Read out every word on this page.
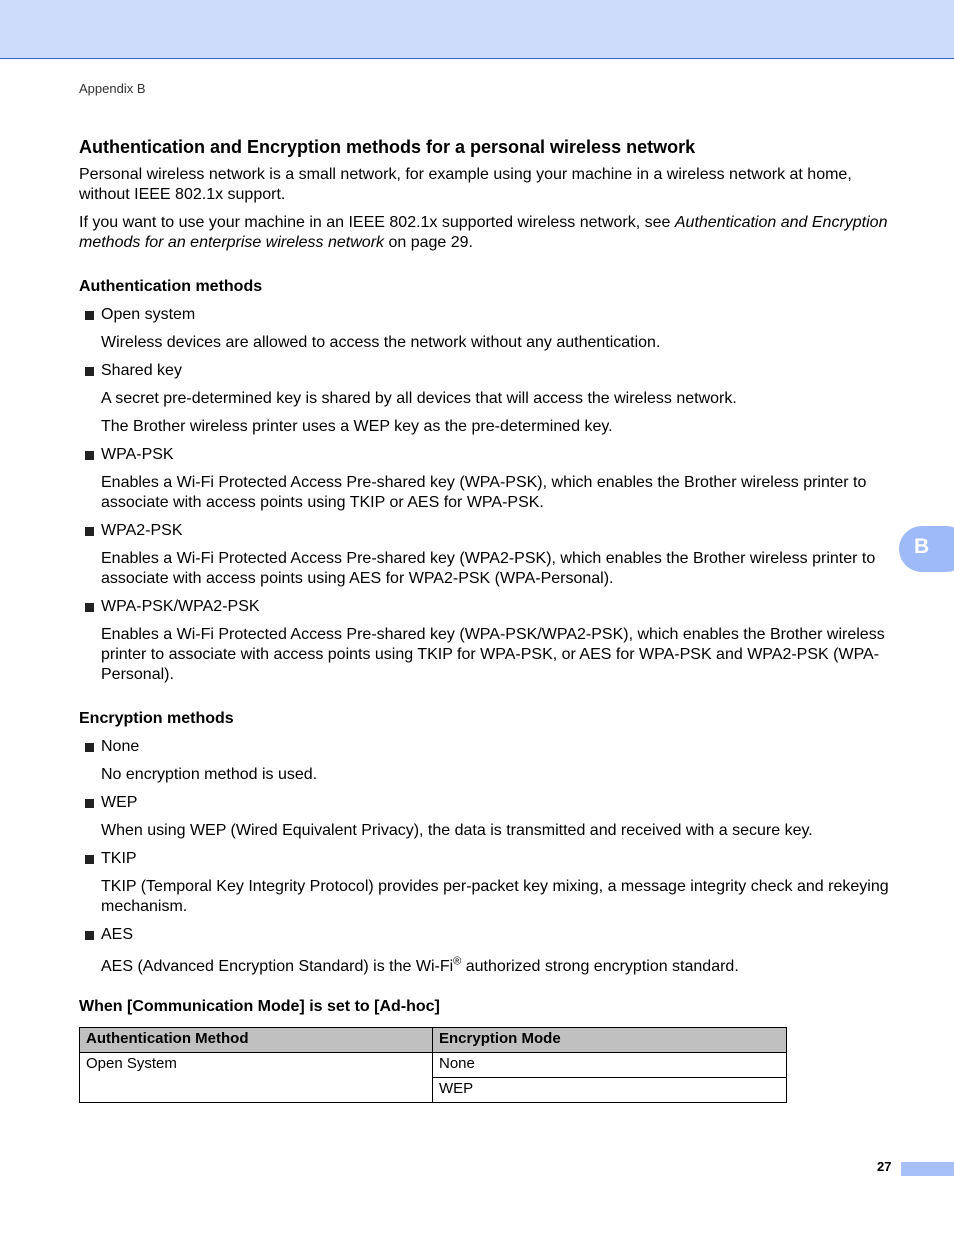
Appendix B
Authentication and Encryption methods for a personal wireless network

Personal wireless network is a small network, for example using your machine in a wireless network at home, without IEEE 802.1x support.

If you want to use your machine in an IEEE 802.1x supported wireless network, see Authentication and Encryption methods for an enterprise wireless network on page 29.

Authentication methods
Open system
Wireless devices are allowed to access the network without any authentication.
Shared key
A secret pre-determined key is shared by all devices that will access the wireless network.
The Brother wireless printer uses a WEP key as the pre-determined key.
WPA-PSK
Enables a Wi-Fi Protected Access Pre-shared key (WPA-PSK), which enables the Brother wireless printer to associate with access points using TKIP or AES for WPA-PSK.
WPA2-PSK
Enables a Wi-Fi Protected Access Pre-shared key (WPA2-PSK), which enables the Brother wireless printer to associate with access points using AES for WPA2-PSK (WPA-Personal).
WPA-PSK/WPA2-PSK
Enables a Wi-Fi Protected Access Pre-shared key (WPA-PSK/WPA2-PSK), which enables the Brother wireless printer to associate with access points using TKIP for WPA-PSK, or AES for WPA-PSK and WPA2-PSK (WPA-Personal).
Encryption methods
None
No encryption method is used.
WEP
When using WEP (Wired Equivalent Privacy), the data is transmitted and received with a secure key.
TKIP
TKIP (Temporal Key Integrity Protocol) provides per-packet key mixing, a message integrity check and rekeying mechanism.
AES
AES (Advanced Encryption Standard) is the Wi-Fi® authorized strong encryption standard.
When [Communication Mode] is set to [Ad-hoc]
Authentication Method	Encryption Mode
Open System	None
	WEP
B
27
